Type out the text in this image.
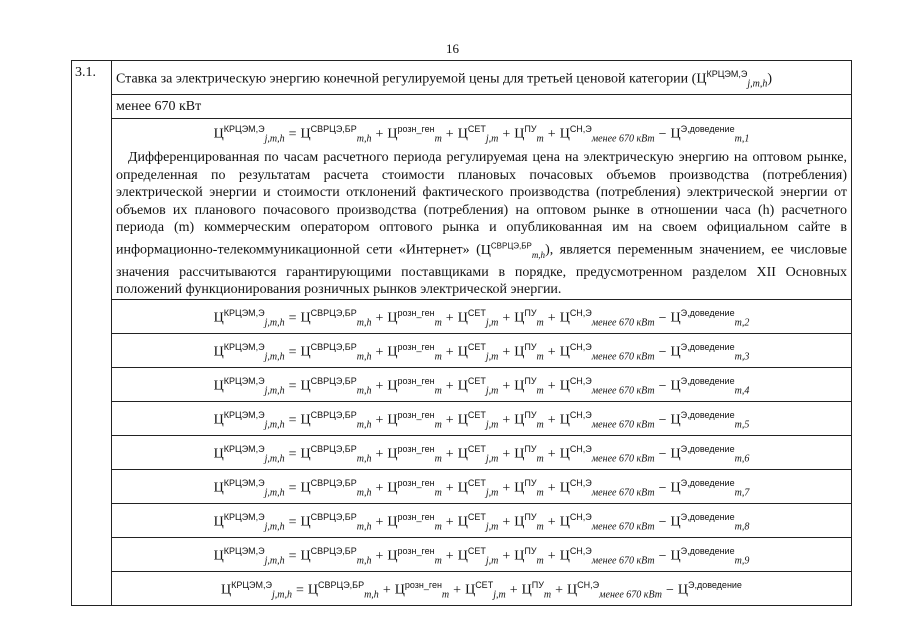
16
3.1.	Ставка за электрическую энергию конечной регулируемой цены для третьей ценовой категории $(Ц^{КРЦЭМ,Э}_{j,m,h})$
менее 670 кВт

$Ц^{КРЦЭМ,Э}_{j,m,h} = Ц^{СВРЦЭ,БР}_{m,h} + Ц^{розн\_ген}_m + Ц^{СЕТ}_{j,m} + Ц^{ПУ}_m + Ц^{СН,Э}_{менее 670 кВт} - Ц^{Э,доведение}_{m,1}$

Дифференцированная по часам расчетного периода регулируемая цена на электрическую энергию на оптовом рынке, определенная по результатам расчета стоимости плановых почасовых объемов производства (потребления) электрической энергии и стоимости отклонений фактического производства (потребления) электрической энергии от объемов их планового почасового производства (потребления) на оптовом рынке в отношении часа (h) расчетного периода (m) коммерческим оператором оптового рынка и опубликованная им на своем официальном сайте в информационно-телекоммуникационной сети «Интернет» $(Ц^{СВРЦЭ,БР}_{m,h})$, является переменным значением, ее числовые значения рассчитываются гарантирующими поставщиками в порядке, предусмотренном разделом XII Основных положений функционирования розничных рынков электрической энергии.

$Ц^{КРЦЭМ,Э}_{j,m,h} = Ц^{СВРЦЭ,БР}_{m,h} + Ц^{розн\_ген}_m + Ц^{СЕТ}_{j,m} + Ц^{ПУ}_m + Ц^{СН,Э}_{менее 670 кВт} - Ц^{Э,доведение}_{m,2}$

$Ц^{КРЦЭМ,Э}_{j,m,h} = Ц^{СВРЦЭ,БР}_{m,h} + Ц^{розн\_ген}_m + Ц^{СЕТ}_{j,m} + Ц^{ПУ}_m + Ц^{СН,Э}_{менее 670 кВт} - Ц^{Э,доведение}_{m,3}$

$Ц^{КРЦЭМ,Э}_{j,m,h} = Ц^{СВРЦЭ,БР}_{m,h} + Ц^{розн\_ген}_m + Ц^{СЕТ}_{j,m} + Ц^{ПУ}_m + Ц^{СН,Э}_{менее 670 кВт} - Ц^{Э,доведение}_{m,4}$

$Ц^{КРЦЭМ,Э}_{j,m,h} = Ц^{СВРЦЭ,БР}_{m,h} + Ц^{розн\_ген}_m + Ц^{СЕТ}_{j,m} + Ц^{ПУ}_m + Ц^{СН,Э}_{менее 670 кВт} - Ц^{Э,доведение}_{m,5}$

$Ц^{КРЦЭМ,Э}_{j,m,h} = Ц^{СВРЦЭ,БР}_{m,h} + Ц^{розн\_ген}_m + Ц^{СЕТ}_{j,m} + Ц^{ПУ}_m + Ц^{СН,Э}_{менее 670 кВт} - Ц^{Э,доведение}_{m,6}$

$Ц^{КРЦЭМ,Э}_{j,m,h} = Ц^{СВРЦЭ,БР}_{m,h} + Ц^{розн\_ген}_m + Ц^{СЕТ}_{j,m} + Ц^{ПУ}_m + Ц^{СН,Э}_{менее 670 кВт} - Ц^{Э,доведение}_{m,7}$

$Ц^{КРЦЭМ,Э}_{j,m,h} = Ц^{СВРЦЭ,БР}_{m,h} + Ц^{розн\_ген}_m + Ц^{СЕТ}_{j,m} + Ц^{ПУ}_m + Ц^{СН,Э}_{менее 670 кВт} - Ц^{Э,доведение}_{m,8}$

$Ц^{КРЦЭМ,Э}_{j,m,h} = Ц^{СВРЦЭ,БР}_{m,h} + Ц^{розн\_ген}_m + Ц^{СЕТ}_{j,m} + Ц^{ПУ}_m + Ц^{СН,Э}_{менее 670 кВт} - Ц^{Э,доведение}_{m,9}$

$Ц^{КРЦЭМ,Э}_{j,m,h} = Ц^{СВРЦЭ,БР}_{m,h} + Ц^{розн\_ген}_m + Ц^{СЕТ}_{j,m} + Ц^{ПУ}_m + Ц^{СН,Э}_{менее 670 кВт} - Ц^{Э,доведение}$
